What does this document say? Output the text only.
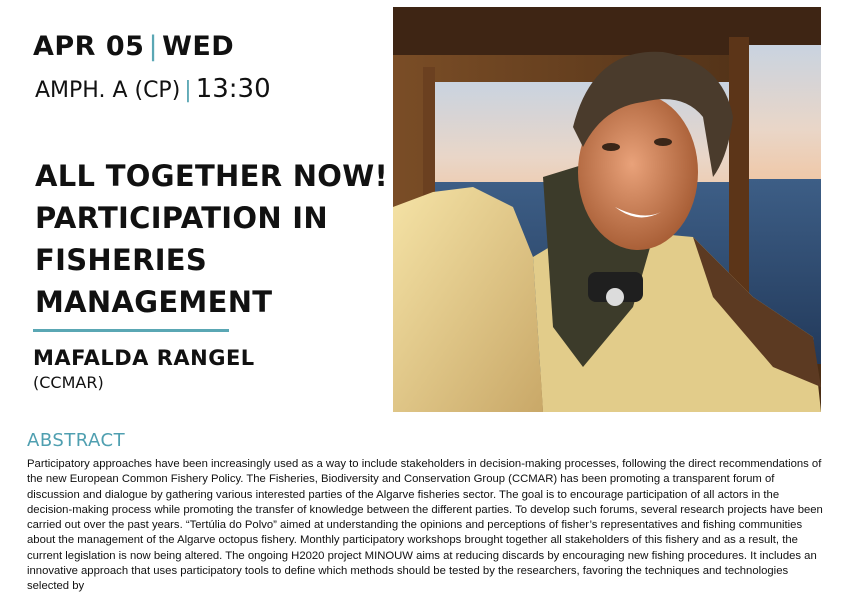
APR 05 | WED
AMPH. A (CP) | 13:30
ALL TOGETHER NOW!
PARTICIPATION IN
FISHERIES
MANAGEMENT
MAFALDA RANGEL
(CCMAR)
ABSTRACT
Participatory approaches have been increasingly used as a way to include stakeholders in decision-making processes, following the direct recommendations of the new European Common Fishery Policy. The Fisheries, Biodiversity and Conservation Group (CCMAR) has been promoting a transparent forum of discussion and dialogue by gathering various interested parties of the Algarve fisheries sector. The goal is to encourage participation of all actors in the decision-making process while promoting the transfer of knowledge between the different parties. To develop such forums, several research projects have been carried out over the past years. “Tertúlia do Polvo” aimed at understanding the opinions and perceptions of fisher’s representatives and fishing communities about the management of the Algarve octopus fishery. Monthly participatory workshops brought together all stakeholders of this fishery and as a result, the current legislation is now being altered. The ongoing H2020 project MINOUW aims at reducing discards by encouraging new fishing procedures. It includes an innovative approach that uses participatory tools to define which methods should be tested by the researchers, favoring the techniques and technologies selected by
